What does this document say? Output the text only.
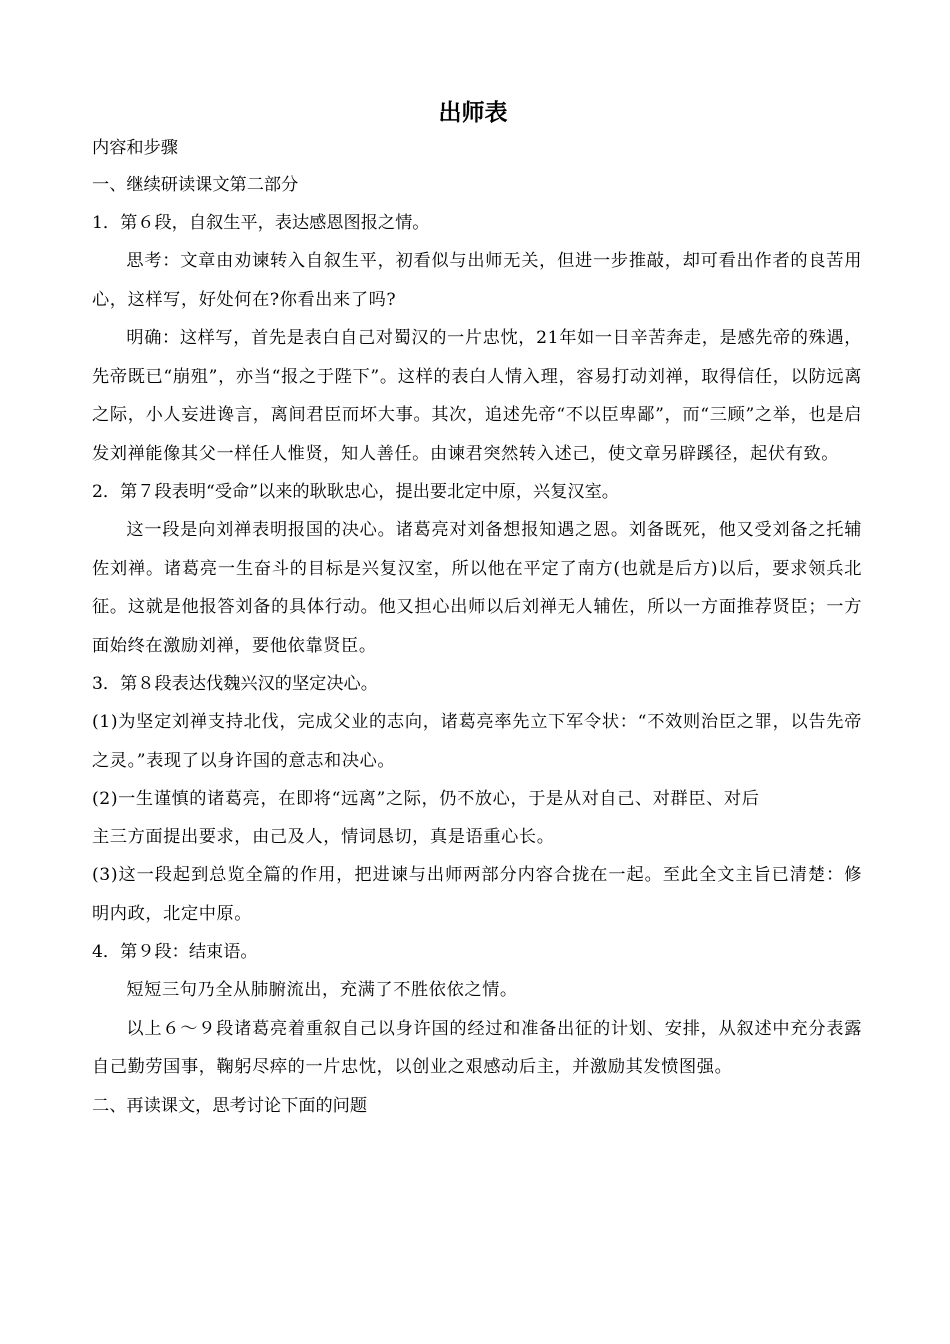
出师表
内容和步骤
一、继续研读课文第二部分
1．第６段，自叙生平，表达感恩图报之情。
思考：文章由劝谏转入自叙生平，初看似与出师无关，但进一步推敲，却可看出作者的良苦用心，这样写，好处何在?你看出来了吗?
明确：这样写，首先是表白自己对蜀汉的一片忠忱，21年如一日辛苦奔走，是感先帝的殊遇，先帝既已“崩殂”，亦当“报之于陛下”。这样的表白人情入理，容易打动刘禅，取得信任，以防远离之际，小人妄进谗言，离间君臣而坏大事。其次，追述先帝“不以臣卑鄙”，而“三顾”之举，也是启发刘禅能像其父一样任人惟贤，知人善任。由谏君突然转入述己，使文章另辟蹊径，起伏有致。
2．第７段表明“受命”以来的耿耿忠心，提出要北定中原，兴复汉室。
这一段是向刘禅表明报国的决心。诸葛亮对刘备想报知遇之恩。刘备既死，他又受刘备之托辅佐刘禅。诸葛亮一生奋斗的目标是兴复汉室，所以他在平定了南方(也就是后方)以后，要求领兵北征。这就是他报答刘备的具体行动。他又担心出师以后刘禅无人辅佐，所以一方面推荐贤臣；一方面始终在激励刘禅，要他依靠贤臣。
3．第８段表达伐魏兴汉的坚定决心。
(1)为坚定刘禅支持北伐，完成父业的志向，诸葛亮率先立下军令状：“不效则治臣之罪，以告先帝之灵。”表现了以身许国的意志和决心。
(2)一生谨慎的诸葛亮，在即将“远离”之际，仍不放心，于是从对自己、对群臣、对后
主三方面提出要求，由己及人，情词恳切，真是语重心长。
(3)这一段起到总览全篇的作用，把进谏与出师两部分内容合拢在一起。至此全文主旨已清楚：修明内政，北定中原。
4．第９段：结束语。
短短三句乃全从肺腑流出，充满了不胜依依之情。
以上６～９段诸葛亮着重叙自己以身许国的经过和准备出征的计划、安排，从叙述中充分表露自己勤劳国事，鞠躬尽瘁的一片忠忱，以创业之艰感动后主，并激励其发愤图强。
二、再读课文，思考讨论下面的问题
